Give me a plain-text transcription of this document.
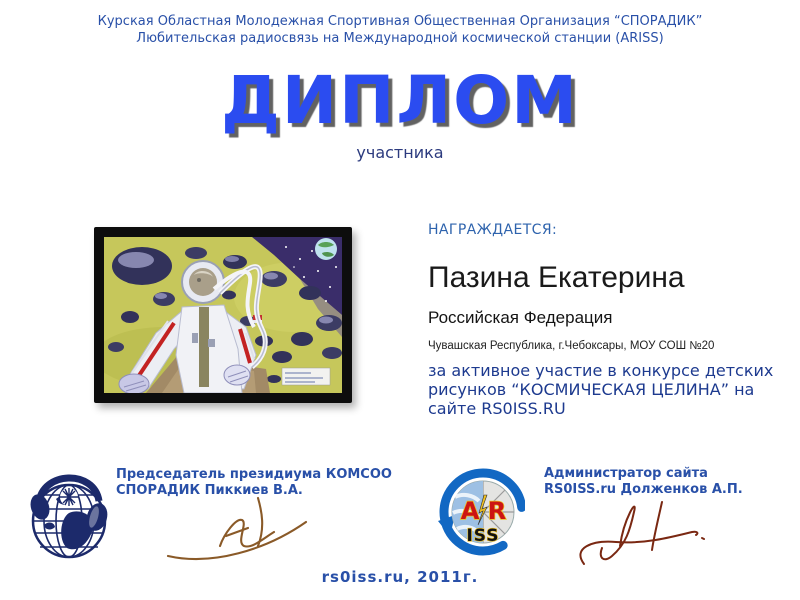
Курская Областная Молодежная Спортивная Общественная Организация “СПОРАДИК”
Любительская радиосвязь на Международной космической станции (ARISS)
ДИПЛОМ
участника
НАГРАЖДАЕТСЯ:
Пазина Екатерина
Российская Федерация
Чувашская Республика, г.Чебоксары, МОУ СОШ №20
за активное участие в конкурсе детских рисунков “КОСМИЧЕСКАЯ ЦЕЛИНА” на сайте RS0ISS.RU
Председатель президиума КОМСОО
СПОРАДИК Пиккиев В.А.
A R
ISS
Администратор сайта
RS0ISS.ru Долженков А.П.
rs0iss.ru, 2011г.
